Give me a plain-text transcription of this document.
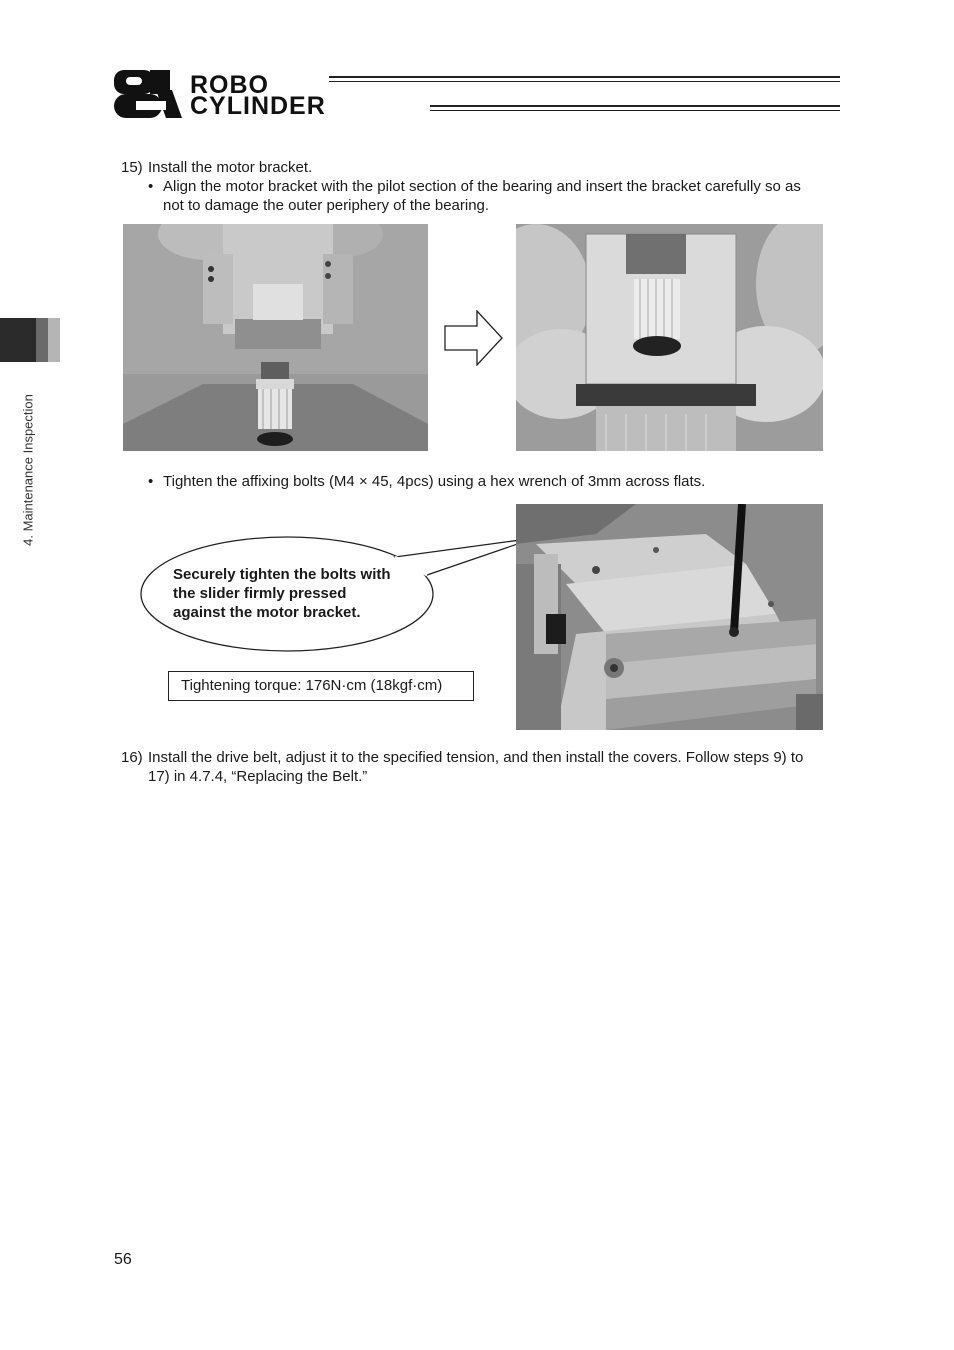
ROBO
CYLINDER
4. Maintenance Inspection
15) Install the motor bracket.
• Align the motor bracket with the pilot section of the bearing and insert the bracket carefully so as
not to damage the outer periphery of the bearing.
• Tighten the affixing bolts (M4 × 45, 4pcs) using a hex wrench of 3mm across flats.
Securely tighten the bolts with
the slider firmly pressed
against the motor bracket.
Tightening torque: 176N·cm (18kgf·cm)
16) Install the drive belt, adjust it to the specified tension, and then install the covers. Follow steps 9) to
17) in 4.7.4, “Replacing the Belt.”
56
